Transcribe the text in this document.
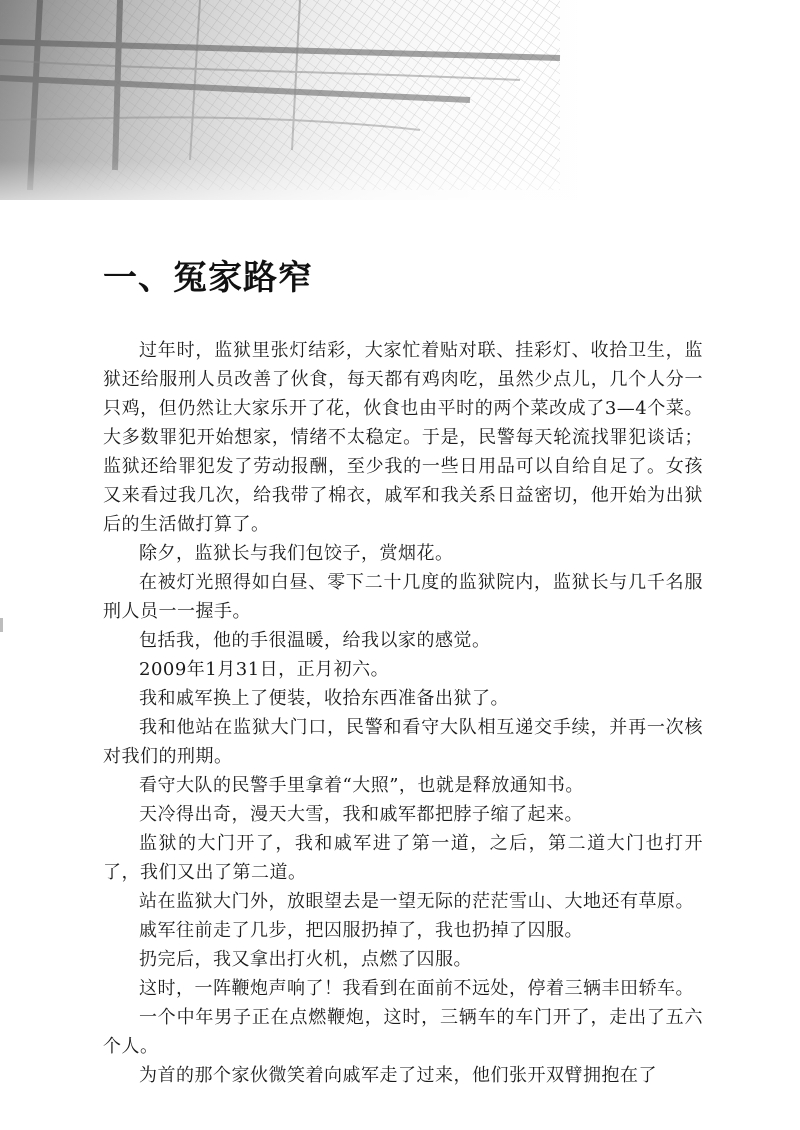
一、冤家路窄

过年时，监狱里张灯结彩，大家忙着贴对联、挂彩灯、收拾卫生，监狱还给服刑人员改善了伙食，每天都有鸡肉吃，虽然少点儿，几个人分一只鸡，但仍然让大家乐开了花，伙食也由平时的两个菜改成了3—4个菜。大多数罪犯开始想家，情绪不太稳定。于是，民警每天轮流找罪犯谈话；监狱还给罪犯发了劳动报酬，至少我的一些日用品可以自给自足了。女孩又来看过我几次，给我带了棉衣，戚军和我关系日益密切，他开始为出狱后的生活做打算了。

除夕，监狱长与我们包饺子，赏烟花。

在被灯光照得如白昼、零下二十几度的监狱院内，监狱长与几千名服刑人员一一握手。

包括我，他的手很温暖，给我以家的感觉。

2009年1月31日，正月初六。

我和戚军换上了便装，收拾东西准备出狱了。

我和他站在监狱大门口，民警和看守大队相互递交手续，并再一次核对我们的刑期。

看守大队的民警手里拿着“大照”，也就是释放通知书。

天冷得出奇，漫天大雪，我和戚军都把脖子缩了起来。

监狱的大门开了，我和戚军进了第一道，之后，第二道大门也打开了，我们又出了第二道。

站在监狱大门外，放眼望去是一望无际的茫茫雪山、大地还有草原。

戚军往前走了几步，把囚服扔掉了，我也扔掉了囚服。

扔完后，我又拿出打火机，点燃了囚服。

这时，一阵鞭炮声响了！我看到在面前不远处，停着三辆丰田轿车。

一个中年男子正在点燃鞭炮，这时，三辆车的车门开了，走出了五六个人。

为首的那个家伙微笑着向戚军走了过来，他们张开双臂拥抱在了
